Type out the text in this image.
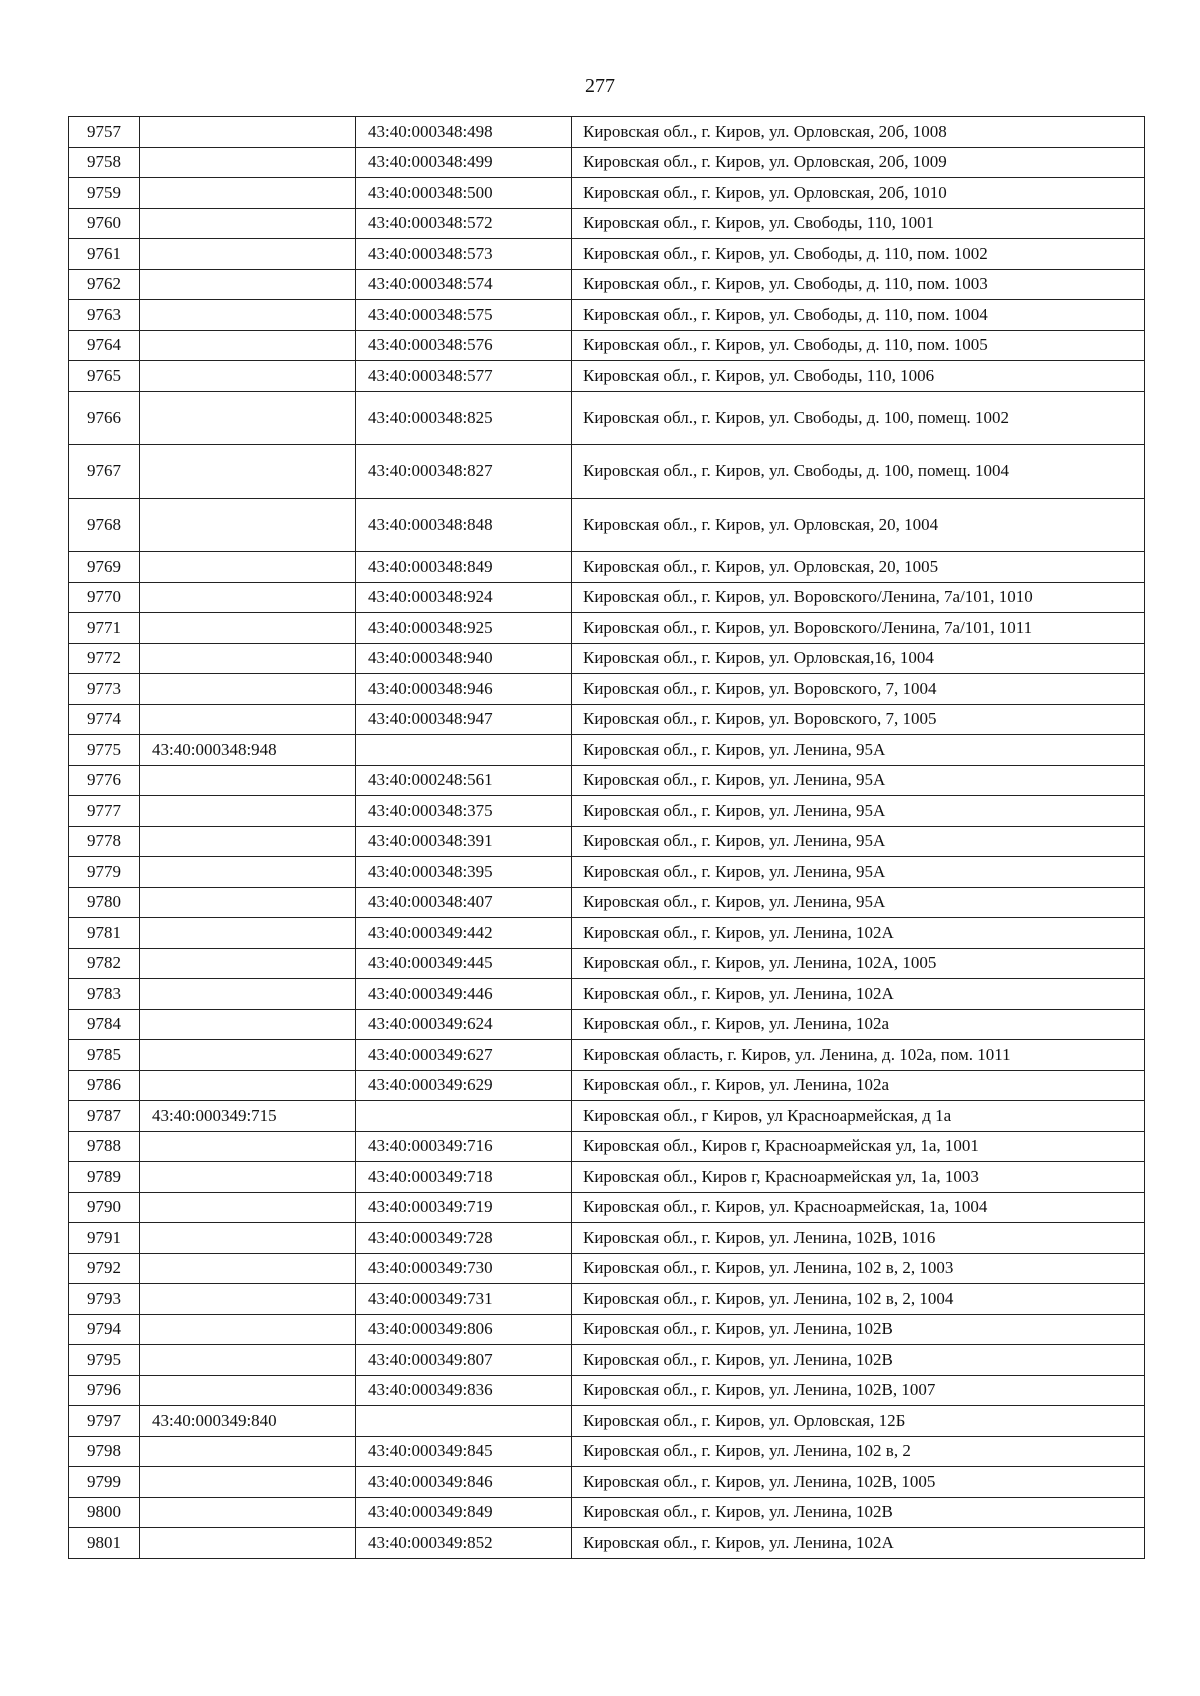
277
9757		43:40:000348:498	Кировская обл., г. Киров, ул. Орловская, 20б, 1008
9758		43:40:000348:499	Кировская обл., г. Киров, ул. Орловская, 20б, 1009
9759		43:40:000348:500	Кировская обл., г. Киров, ул. Орловская, 20б, 1010
9760		43:40:000348:572	Кировская обл., г. Киров, ул. Свободы, 110, 1001
9761		43:40:000348:573	Кировская обл., г. Киров, ул. Свободы, д. 110, пом. 1002
9762		43:40:000348:574	Кировская обл., г. Киров, ул. Свободы, д. 110, пом. 1003
9763		43:40:000348:575	Кировская обл., г. Киров, ул. Свободы, д. 110, пом. 1004
9764		43:40:000348:576	Кировская обл., г. Киров, ул. Свободы, д. 110, пом. 1005
9765		43:40:000348:577	Кировская обл., г. Киров, ул. Свободы, 110, 1006
9766		43:40:000348:825	Кировская обл., г. Киров, ул. Свободы, д. 100, помещ. 1002
9767		43:40:000348:827	Кировская обл., г. Киров, ул. Свободы, д. 100, помещ. 1004
9768		43:40:000348:848	Кировская обл., г. Киров, ул. Орловская, 20, 1004
9769		43:40:000348:849	Кировская обл., г. Киров, ул. Орловская, 20, 1005
9770		43:40:000348:924	Кировская обл., г. Киров, ул. Воровского/Ленина, 7а/101, 1010
9771		43:40:000348:925	Кировская обл., г. Киров, ул. Воровского/Ленина, 7а/101, 1011
9772		43:40:000348:940	Кировская обл., г. Киров, ул. Орловская,16, 1004
9773		43:40:000348:946	Кировская обл., г. Киров, ул. Воровского, 7, 1004
9774		43:40:000348:947	Кировская обл., г. Киров, ул. Воровского, 7, 1005
9775	43:40:000348:948		Кировская обл., г. Киров, ул. Ленина, 95А
9776		43:40:000248:561	Кировская обл., г. Киров, ул. Ленина, 95А
9777		43:40:000348:375	Кировская обл., г. Киров, ул. Ленина, 95А
9778		43:40:000348:391	Кировская обл., г. Киров, ул. Ленина, 95А
9779		43:40:000348:395	Кировская обл., г. Киров, ул. Ленина, 95А
9780		43:40:000348:407	Кировская обл., г. Киров, ул. Ленина, 95А
9781		43:40:000349:442	Кировская обл., г. Киров, ул. Ленина, 102А
9782		43:40:000349:445	Кировская обл., г. Киров, ул. Ленина, 102А, 1005
9783		43:40:000349:446	Кировская обл., г. Киров, ул. Ленина, 102А
9784		43:40:000349:624	Кировская обл., г. Киров, ул. Ленина, 102а
9785		43:40:000349:627	Кировская область, г. Киров, ул. Ленина, д. 102а, пом. 1011
9786		43:40:000349:629	Кировская обл., г. Киров, ул. Ленина, 102а
9787	43:40:000349:715		Кировская обл., г Киров, ул Красноармейская, д 1а
9788		43:40:000349:716	Кировская обл., Киров г, Красноармейская ул, 1а, 1001
9789		43:40:000349:718	Кировская обл., Киров г, Красноармейская ул, 1а, 1003
9790		43:40:000349:719	Кировская обл., г. Киров, ул. Красноармейская, 1а, 1004
9791		43:40:000349:728	Кировская обл., г. Киров, ул. Ленина, 102В, 1016
9792		43:40:000349:730	Кировская обл., г. Киров, ул. Ленина, 102 в, 2, 1003
9793		43:40:000349:731	Кировская обл., г. Киров, ул. Ленина, 102 в, 2, 1004
9794		43:40:000349:806	Кировская обл., г. Киров, ул. Ленина, 102В
9795		43:40:000349:807	Кировская обл., г. Киров, ул. Ленина, 102В
9796		43:40:000349:836	Кировская обл., г. Киров, ул. Ленина, 102В, 1007
9797	43:40:000349:840		Кировская обл., г. Киров, ул. Орловская, 12Б
9798		43:40:000349:845	Кировская обл., г. Киров, ул. Ленина, 102 в, 2
9799		43:40:000349:846	Кировская обл., г. Киров, ул. Ленина, 102В, 1005
9800		43:40:000349:849	Кировская обл., г. Киров, ул. Ленина, 102В
9801		43:40:000349:852	Кировская обл., г. Киров, ул. Ленина, 102А
